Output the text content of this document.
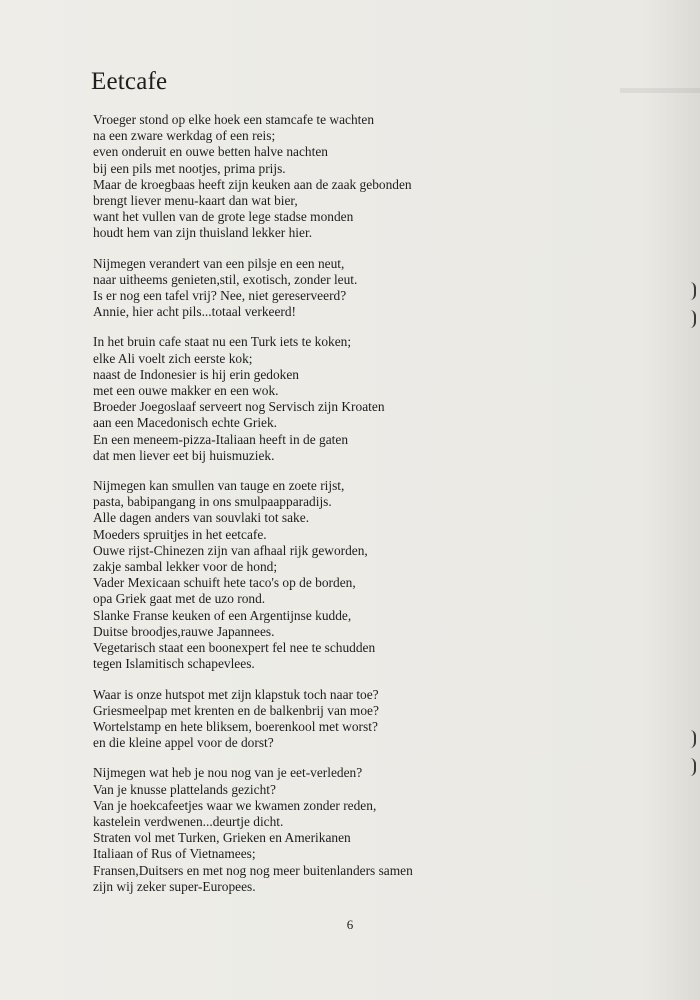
Eetcafe
Vroeger stond op elke hoek een stamcafe te wachten
na een zware werkdag of een reis;
even onderuit en ouwe betten halve nachten
bij een pils met nootjes, prima prijs.
Maar de kroegbaas heeft zijn keuken aan de zaak gebonden
brengt liever menu-kaart dan wat bier,
want het vullen van de grote lege stadse monden
houdt hem van zijn thuisland lekker hier.
Nijmegen verandert van een pilsje en een neut,
naar uitheems genieten,stil, exotisch, zonder leut.
Is er nog een tafel vrij? Nee, niet gereserveerd?
Annie, hier acht pils...totaal verkeerd!
In het bruin cafe staat nu een Turk iets te koken;
elke Ali voelt zich eerste kok;
naast de Indonesier is hij erin gedoken
met een ouwe makker en een wok.
Broeder Joegoslaaf serveert nog Servisch zijn Kroaten
aan een Macedonisch echte Griek.
En een meneem-pizza-Italiaan heeft in de gaten
dat men liever eet bij huismuziek.
Nijmegen kan smullen van tauge en zoete rijst,
pasta, babipangang in ons smulpaapparadijs.
Alle dagen anders van souvlaki tot sake.
Moeders spruitjes in het eetcafe.
Ouwe rijst-Chinezen zijn van afhaal rijk geworden,
zakje sambal lekker voor de hond;
Vader Mexicaan schuift hete taco's op de borden,
opa Griek gaat met de uzo rond.
Slanke Franse keuken of een Argentijnse kudde,
Duitse broodjes,rauwe Japannees.
Vegetarisch staat een boonexpert fel nee te schudden
tegen Islamitisch schapevlees.
Waar is onze hutspot met zijn klapstuk toch naar toe?
Griesmeelpap met krenten en de balkenbrij van moe?
Wortelstamp en hete bliksem, boerenkool met worst?
en die kleine appel voor de dorst?
Nijmegen wat heb je nou nog van je eet-verleden?
Van je knusse plattelands gezicht?
Van je hoekcafeetjes waar we kwamen zonder reden,
kastelein verdwenen...deurtje dicht.
Straten vol met Turken, Grieken en Amerikanen
Italiaan of Rus of Vietnamees;
Fransen,Duitsers en met nog nog meer buitenlanders samen
zijn wij zeker super-Europees.
6
